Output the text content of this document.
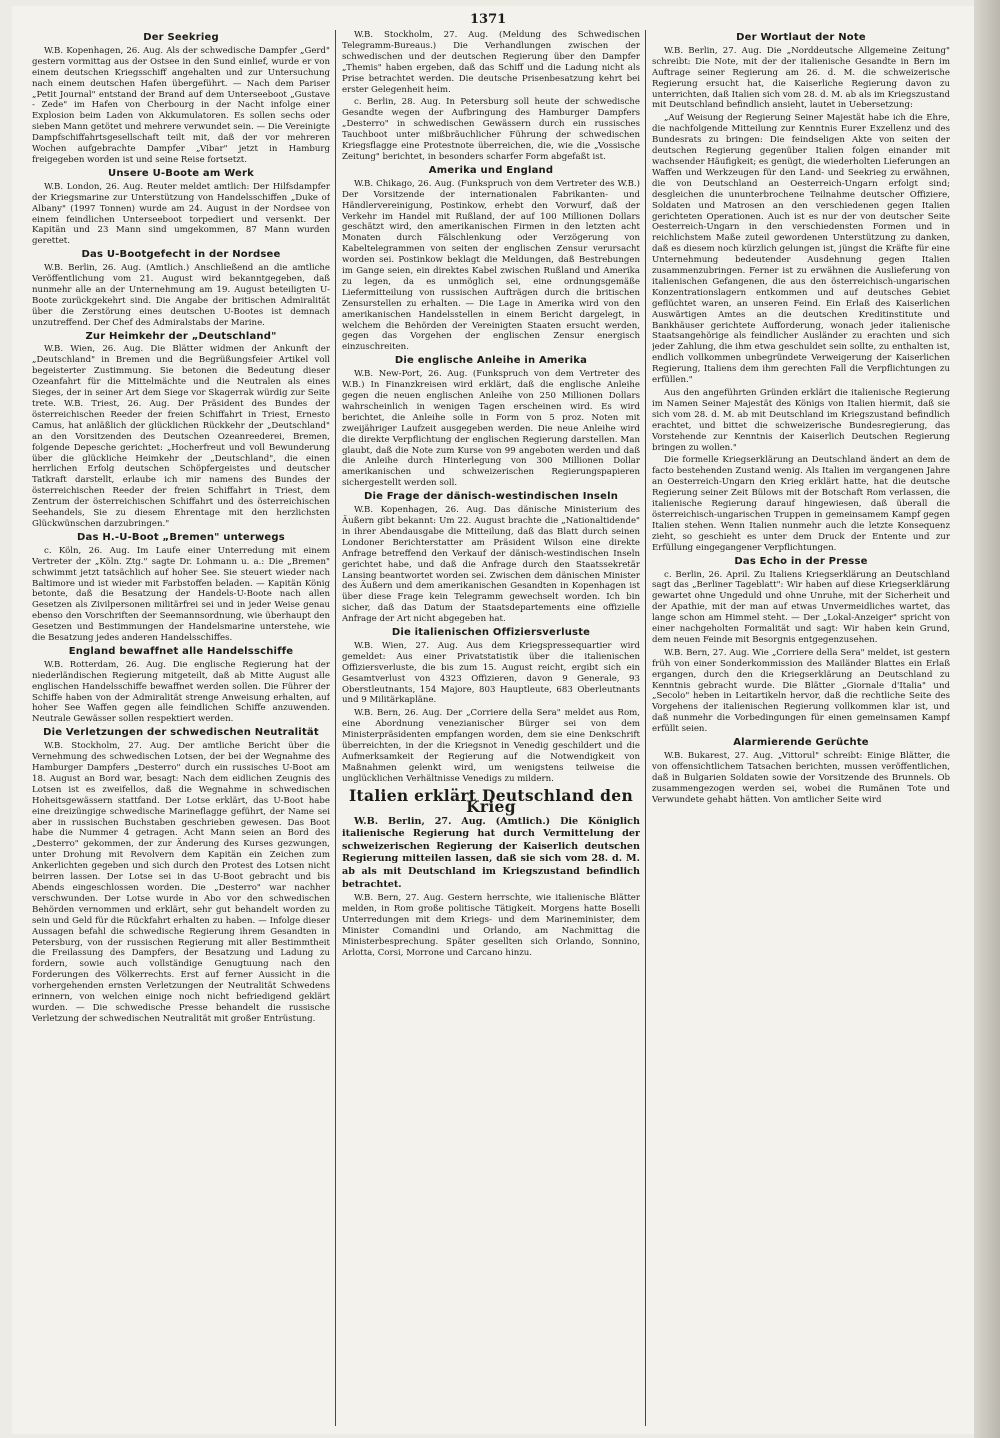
1371
Der Seekrieg

W.B. Kopenhagen, 26. Aug. Als der schwedische Dampfer „Gerd" gestern vormittag aus der Ostsee in den Sund einlief, wurde er von einem deutschen Kriegsschiff angehalten und zur Untersuchung nach einem deutschen Hafen übergeführt. — Nach dem Pariser „Petit Journal" entstand der Brand auf dem Unterseeboot „Gustave - Zede" im Hafen von Cherbourg in der Nacht infolge einer Explosion beim Laden von Akkumulatoren. Es sollen sechs oder sieben Mann getötet und mehrere verwundet sein. — Die Vereinigte Dampfschiffahrtsgesellschaft teilt mit, daß der vor mehreren Wochen aufgebrachte Dampfer „Vibar" jetzt in Hamburg freigegeben worden ist und seine Reise fortsetzt.

Unsere U-Boote am Werk

W.B. London, 26. Aug. Reuter meldet amtlich: Der Hilfsdampfer der Kriegsmarine zur Unterstützung von Handelsschiffen „Duke of Albany" (1997 Tonnen) wurde am 24. August in der Nordsee von einem feindlichen Unterseeboot torpediert und versenkt. Der Kapitän und 23 Mann sind umgekommen, 87 Mann wurden gerettet.

Das U-Bootgefecht in der Nordsee

W.B. Berlin, 26. Aug. (Amtlich.) Anschließend an die amtliche Veröffentlichung vom 21. August wird bekanntgegeben, daß nunmehr alle an der Unternehmung am 19. August beteiligten U-Boote zurückgekehrt sind. Die Angabe der britischen Admiralität über die Zerstörung eines deutschen U-Bootes ist demnach unzutreffend. Der Chef des Admiralstabs der Marine.

Zur Heimkehr der „Deutschland"

W.B. Wien, 26. Aug. Die Blätter widmen der Ankunft der „Deutschland" in Bremen und die Begrüßungsfeier Artikel voll begeisterter Zustimmung. Sie betonen die Bedeutung dieser Ozeanfahrt für die Mittelmächte und die Neutralen als eines Sieges, der in seiner Art dem Siege vor Skagerrak würdig zur Seite trete. W.B. Triest, 26. Aug. Der Präsident des Bundes der österreichischen Reeder der freien Schiffahrt in Triest, Ernesto Camus, hat anläßlich der glücklichen Rückkehr der „Deutschland" an den Vorsitzenden des Deutschen Ozeanreederei, Bremen, folgende Depesche gerichtet: „Hocherfreut und voll Bewunderung über die glückliche Heimkehr der „Deutschland", die einen herrlichen Erfolg deutschen Schöpfergeistes und deutscher Tatkraft darstellt, erlaube ich mir namens des Bundes der österreichischen Reeder der freien Schiffahrt in Triest, dem Zentrum der österreichischen Schiffahrt und des österreichischen Seehandels, Sie zu diesem Ehrentage mit den herzlichsten Glückwünschen darzubringen."

Das H.-U-Boot „Bremen" unterwegs

c. Köln, 26. Aug. Im Laufe einer Unterredung mit einem Vertreter der „Köln. Ztg." sagte Dr. Lohmann u. a.: Die „Bremen" schwimmt jetzt tatsächlich auf hoher See. Sie steuert wieder nach Baltimore und ist wieder mit Farbstoffen beladen. — Kapitän König betonte, daß die Besatzung der Handels-U-Boote nach allen Gesetzen als Zivilpersonen militärfrei sei und in jeder Weise genau ebenso den Vorschriften der Seemannsordnung, wie überhaupt den Gesetzen und Bestimmungen der Handelsmarine unterstehe, wie die Besatzung jedes anderen Handelsschiffes.

England bewaffnet alle Handelsschiffe

W.B. Rotterdam, 26. Aug. Die englische Regierung hat der niederländischen Regierung mitgeteilt, daß ab Mitte August alle englischen Handelsschiffe bewaffnet werden sollen. Die Führer der Schiffe haben von der Admiralität strenge Anweisung erhalten, auf hoher See Waffen gegen alle feindlichen Schiffe anzuwenden. Neutrale Gewässer sollen respektiert werden.

Die Verletzungen der schwedischen Neutralität

W.B. Stockholm, 27. Aug. Der amtliche Bericht über die Vernehmung des schwedischen Lotsen, der bei der Wegnahme des Hamburger Dampfers „Desterro" durch ein russisches U-Boot am 18. August an Bord war, besagt: Nach dem eidlichen Zeugnis des Lotsen ist es zweifellos, daß die Wegnahme in schwedischen Hoheitsgewässern stattfand. Der Lotse erklärt, das U-Boot habe eine dreizüngige schwedische Marineflagge geführt, der Name sei aber in russischen Buchstaben geschrieben gewesen. Das Boot habe die Nummer 4 getragen. Acht Mann seien an Bord des „Desterro" gekommen, der zur Änderung des Kurses gezwungen, unter Drohung mit Revolvern dem Kapitän ein Zeichen zum Ankerlichten gegeben und sich durch den Protest des Lotsen nicht beirren lassen. Der Lotse sei in das U-Boot gebracht und bis Abends eingeschlossen worden. Die „Desterro" war nachher verschwunden. Der Lotse wurde in Abo vor den schwedischen Behörden vernommen und erklärt, sehr gut behandelt worden zu sein und Geld für die Rückfahrt erhalten zu haben. — Infolge dieser Aussagen befahl die schwedische Regierung ihrem Gesandten in Petersburg, von der russischen Regierung mit aller Bestimmtheit die Freilassung des Dampfers, der Besatzung und Ladung zu fordern, sowie auch vollständige Genugtuung nach den Forderungen des Völkerrechts. Erst auf ferner Aussicht in die vorhergehenden ernsten Verletzungen der Neutralität Schwedens erinnern, von welchen einige noch nicht befriedigend geklärt wurden. — Die schwedische Presse behandelt die russische Verletzung der schwedischen Neutralität mit großer Entrüstung.

W.B. Stockholm, 27. Aug. (Meldung des Schwedischen Telegramm-Bureaus.) Die Verhandlungen zwischen der schwedischen und der deutschen Regierung über den Dampfer „Themis" haben ergeben, daß das Schiff und die Ladung nicht als Prise betrachtet werden. Die deutsche Prisenbesatzung kehrt bei erster Gelegenheit heim.

c. Berlin, 28. Aug. In Petersburg soll heute der schwedische Gesandte wegen der Aufbringung des Hamburger Dampfers „Desterro" in schwedischen Gewässern durch ein russisches Tauchboot unter mißbräuchlicher Führung der schwedischen Kriegsflagge eine Protestnote überreichen, die, wie die „Vossische Zeitung" berichtet, in besonders scharfer Form abgefaßt ist.

Amerika und England

W.B. Chikago, 26. Aug. (Funkspruch von dem Vertreter des W.B.) Der Vorsitzende der internationalen Fabrikanten- und Händlervereinigung, Postinkow, erhebt den Vorwurf, daß der Verkehr im Handel mit Rußland, der auf 100 Millionen Dollars geschätzt wird, den amerikanischen Firmen in den letzten acht Monaten durch Fälschlenkung oder Verzögerung von Kabeltelegrammen von seiten der englischen Zensur verursacht worden sei. Postinkow beklagt die Meldungen, daß Bestrebungen im Gange seien, ein direktes Kabel zwischen Rußland und Amerika zu legen, da es unmöglich sei, eine ordnungsgemäße Liefermitteilung von russischen Aufträgen durch die britischen Zensurstellen zu erhalten. — Die Lage in Amerika wird von den amerikanischen Handelsstellen in einem Bericht dargelegt, in welchem die Behörden der Vereinigten Staaten ersucht werden, gegen das Vorgehen der englischen Zensur energisch einzuschreiten.

Die englische Anleihe in Amerika

W.B. New-Port, 26. Aug. (Funkspruch von dem Vertreter des W.B.) In Finanzkreisen wird erklärt, daß die englische Anleihe gegen die neuen englischen Anleihe von 250 Millionen Dollars wahrscheinlich in wenigen Tagen erscheinen wird. Es wird berichtet, die Anleihe solle in Form von 5 proz. Noten mit zweijähriger Laufzeit ausgegeben werden. Die neue Anleihe wird die direkte Verpflichtung der englischen Regierung darstellen. Man glaubt, daß die Note zum Kurse von 99 angeboten werden und daß die Anleihe durch Hinterlegung von 300 Millionen Dollar amerikanischen und schweizerischen Regierungspapieren sichergestellt werden soll.

Die Frage der dänisch-westindischen Inseln

W.B. Kopenhagen, 26. Aug. Das dänische Ministerium des Äußern gibt bekannt: Um 22. August brachte die „Nationaltidende" in ihrer Abendausgabe die Mitteilung, daß das Blatt durch seinen Londoner Berichterstatter am Präsident Wilson eine direkte Anfrage betreffend den Verkauf der dänisch-westindischen Inseln gerichtet habe, und daß die Anfrage durch den Staatssekretär Lansing beantwortet worden sei. Zwischen dem dänischen Minister des Äußern und dem amerikanischen Gesandten in Kopenhagen ist über diese Frage kein Telegramm gewechselt worden. Ich bin sicher, daß das Datum der Staatsdepartements eine offizielle Anfrage der Art nicht abgegeben hat.

Die italienischen Offiziersverluste

W.B. Wien, 27. Aug. Aus dem Kriegspressequartier wird gemeldet: Aus einer Privatstatistik über die italienischen Offiziersverluste, die bis zum 15. August reicht, ergibt sich ein Gesamtverlust von 4323 Offizieren, davon 9 Generale, 93 Oberstleutnants, 154 Majore, 803 Hauptleute, 683 Oberleutnants und 9 Militärkapläne.

W.B. Bern, 26. Aug. Der „Corriere della Sera" meldet aus Rom, eine Abordnung venezianischer Bürger sei von dem Ministerpräsidenten empfangen worden, dem sie eine Denkschrift überreichten, in der die Kriegsnot in Venedig geschildert und die Aufmerksamkeit der Regierung auf die Notwendigkeit von Maßnahmen gelenkt wird, um wenigstens teilweise die unglücklichen Verhältnisse Venedigs zu mildern.

Italien erklärt Deutschland den Krieg

W.B. Berlin, 27. Aug. (Amtlich.) Die Königlich italienische Regierung hat durch Vermittelung der schweizerischen Regierung der Kaiserlich deutschen Regierung mitteilen lassen, daß sie sich vom 28. d. M. ab als mit Deutschland im Kriegszustand befindlich betrachtet.

W.B. Bern, 27. Aug. Gestern herrschte, wie italienische Blätter melden, in Rom große politische Tätigkeit. Morgens hatte Boselli Unterredungen mit dem Kriegs- und dem Marineminister, dem Minister Comandini und Orlando, am Nachmittag die Ministerbesprechung. Später gesellten sich Orlando, Sonnino, Arlotta, Corsi, Morrone und Carcano hinzu.

Der Wortlaut der Note

W.B. Berlin, 27. Aug. Die „Norddeutsche Allgemeine Zeitung" schreibt: Die Note, mit der der italienische Gesandte in Bern im Auftrage seiner Regierung am 26. d. M. die schweizerische Regierung ersucht hat, die Kaiserliche Regierung davon zu unterrichten, daß Italien sich vom 28. d. M. ab als im Kriegszustand mit Deutschland befindlich ansieht, lautet in Uebersetzung:

„Auf Weisung der Regierung Seiner Majestät habe ich die Ehre, die nachfolgende Mitteilung zur Kenntnis Eurer Exzellenz und des Bundesrats zu bringen: Die feindseligen Akte von seiten der deutschen Regierung gegenüber Italien folgen einander mit wachsender Häufigkeit; es genügt, die wiederholten Lieferungen an Waffen und Werkzeugen für den Land- und Seekrieg zu erwähnen, die von Deutschland an Oesterreich-Ungarn erfolgt sind; desgleichen die ununterbrochene Teilnahme deutscher Offiziere, Soldaten und Matrosen an den verschiedenen gegen Italien gerichteten Operationen. Auch ist es nur der von deutscher Seite Oesterreich-Ungarn in den verschiedensten Formen und in reichlichstem Maße zuteil gewordenen Unterstützung zu danken, daß es diesem noch kürzlich gelungen ist, jüngst die Kräfte für eine Unternehmung bedeutender Ausdehnung gegen Italien zusammenzubringen. Ferner ist zu erwähnen die Auslieferung von italienischen Gefangenen, die aus den österreichisch-ungarischen Konzentrationslagern entkommen und auf deutsches Gebiet geflüchtet waren, an unseren Feind. Ein Erlaß des Kaiserlichen Auswärtigen Amtes an die deutschen Kreditinstitute und Bankhäuser gerichtete Aufforderung, wonach jeder italienische Staatsangehörige als feindlicher Ausländer zu erachten und sich jeder Zahlung, die ihm etwa geschuldet sein sollte, zu enthalten ist, endlich vollkommen unbegründete Verweigerung der Kaiserlichen Regierung, Italiens dem ihm gerechten Fall die Verpflichtungen zu erfüllen."

Aus den angeführten Gründen erklärt die italienische Regierung im Namen Seiner Majestät des Königs von Italien hiermit, daß sie sich vom 28. d. M. ab mit Deutschland im Kriegszustand befindlich erachtet, und bittet die schweizerische Bundesregierung, das Vorstehende zur Kenntnis der Kaiserlich Deutschen Regierung bringen zu wollen."

Die formelle Kriegserklärung an Deutschland ändert an dem de facto bestehenden Zustand wenig. Als Italien im vergangenen Jahre an Oesterreich-Ungarn den Krieg erklärt hatte, hat die deutsche Regierung seiner Zeit Bülows mit der Botschaft Rom verlassen, die italienische Regierung darauf hingewiesen, daß überall die österreichisch-ungarischen Truppen in gemeinsamem Kampf gegen Italien stehen. Wenn Italien nunmehr auch die letzte Konsequenz zieht, so geschieht es unter dem Druck der Entente und zur Erfüllung eingegangener Verpflichtungen.

Das Echo in der Presse

c. Berlin, 26. April. Zu Italiens Kriegserklärung an Deutschland sagt das „Berliner Tageblatt": Wir haben auf diese Kriegserklärung gewartet ohne Ungeduld und ohne Unruhe, mit der Sicherheit und der Apathie, mit der man auf etwas Unvermeidliches wartet, das lange schon am Himmel steht. — Der „Lokal-Anzeiger" spricht von einer nachgeholten Formalität und sagt: Wir haben kein Grund, dem neuen Feinde mit Besorgnis entgegenzusehen.

W.B. Bern, 27. Aug. Wie „Corriere della Sera" meldet, ist gestern früh von einer Sonderkommission des Mailänder Blattes ein Erlaß ergangen, durch den die Kriegserklärung an Deutschland zu Kenntnis gebracht wurde. Die Blätter „Giornale d'Italia" und „Secolo" heben in Leitartikeln hervor, daß die rechtliche Seite des Vorgehens der italienischen Regierung vollkommen klar ist, und daß nunmehr die Vorbedingungen für einen gemeinsamen Kampf erfüllt seien.

Alarmierende Gerüchte

W.B. Bukarest, 27. Aug. „Vittorul" schreibt: Einige Blätter, die von offensichtlichem Tatsachen berichten, mussen veröffentlichen, daß in Bulgarien Soldaten sowie der Vorsitzende des Brunnels. Ob zusammengezogen werden sei, wobei die Rumänen Tote und Verwundete gehabt hätten. Von amtlicher Seite wird
